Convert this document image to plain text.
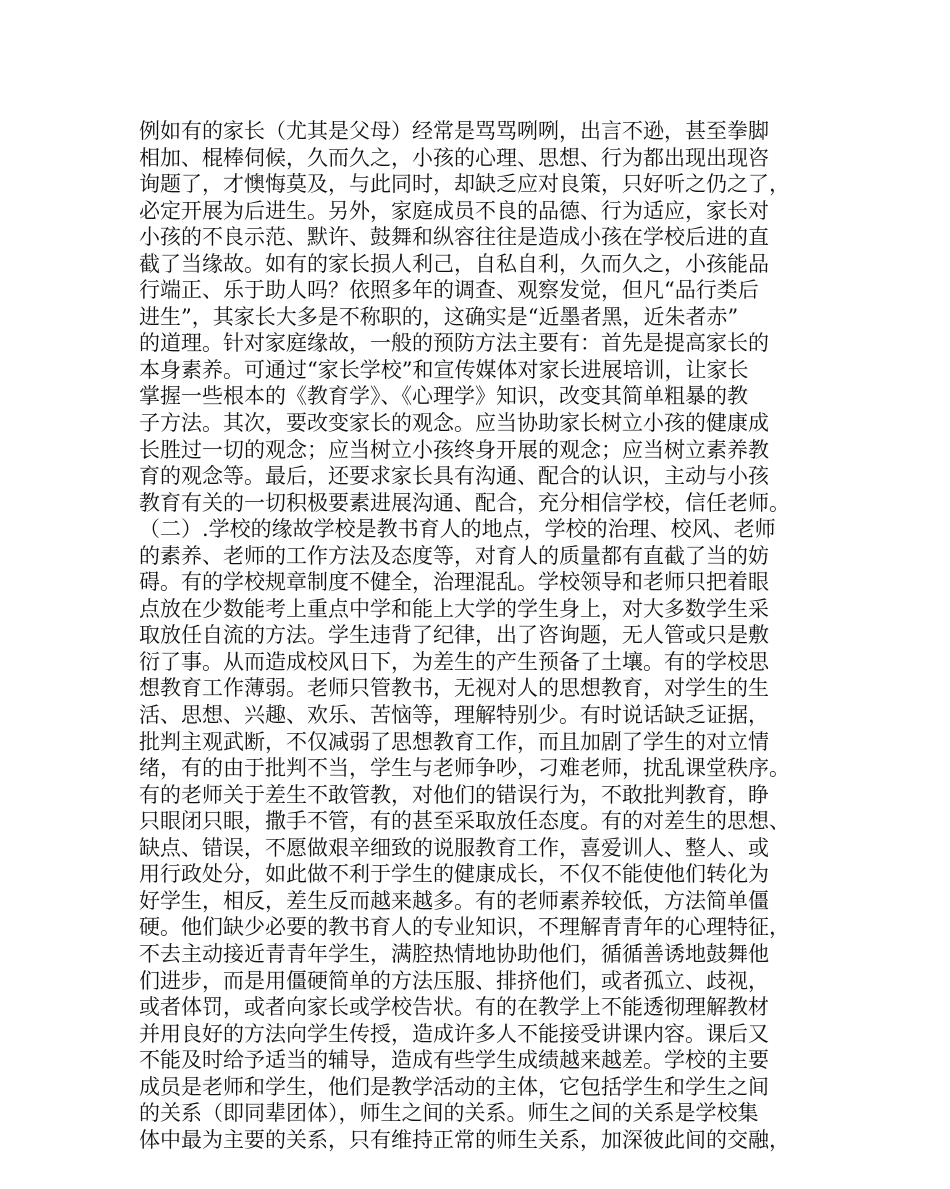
例如有的家长（尤其是父母）经常是骂骂咧咧，出言不逊，甚至拳脚
相加、棍棒伺候，久而久之，小孩的心理、思想、行为都出现出现咨
询题了，才懊悔莫及，与此同时，却缺乏应对良策，只好听之仍之了，
必定开展为后进生。另外，家庭成员不良的品德、行为适应，家长对
小孩的不良示范、默许、鼓舞和纵容往往是造成小孩在学校后进的直
截了当缘故。如有的家长损人利己，自私自利，久而久之，小孩能品
行端正、乐于助人吗？依照多年的调查、观察发觉，但凡“品行类后
进生”，其家长大多是不称职的，这确实是“近墨者黑，近朱者赤”
的道理。针对家庭缘故，一般的预防方法主要有：首先是提高家长的
本身素养。可通过“家长学校”和宣传媒体对家长进展培训，让家长
掌握一些根本的《教育学》、《心理学》知识，改变其简单粗暴的教
子方法。其次，要改变家长的观念。应当协助家长树立小孩的健康成
长胜过一切的观念；应当树立小孩终身开展的观念；应当树立素养教
育的观念等。最后，还要求家长具有沟通、配合的认识，主动与小孩
教育有关的一切积极要素进展沟通、配合，充分相信学校，信任老师。
（二）.学校的缘故学校是教书育人的地点，学校的治理、校风、老师
的素养、老师的工作方法及态度等，对育人的质量都有直截了当的妨
碍。有的学校规章制度不健全，治理混乱。学校领导和老师只把着眼
点放在少数能考上重点中学和能上大学的学生身上，对大多数学生采
取放任自流的方法。学生违背了纪律，出了咨询题，无人管或只是敷
衍了事。从而造成校风日下，为差生的产生预备了土壤。有的学校思
想教育工作薄弱。老师只管教书，无视对人的思想教育，对学生的生
活、思想、兴趣、欢乐、苦恼等，理解特别少。有时说话缺乏证据，
批判主观武断，不仅减弱了思想教育工作，而且加剧了学生的对立情
绪，有的由于批判不当，学生与老师争吵，刁难老师，扰乱课堂秩序。
有的老师关于差生不敢管教，对他们的错误行为，不敢批判教育，睁
只眼闭只眼，撒手不管，有的甚至采取放任态度。有的对差生的思想、
缺点、错误，不愿做艰辛细致的说服教育工作，喜爱训人、整人、或
用行政处分，如此做不利于学生的健康成长，不仅不能使他们转化为
好学生，相反，差生反而越来越多。有的老师素养较低，方法简单僵
硬。他们缺少必要的教书育人的专业知识，不理解青青年的心理特征，
不去主动接近青青年学生，满腔热情地协助他们，循循善诱地鼓舞他
们进步，而是用僵硬简单的方法压服、排挤他们，或者孤立、歧视，
或者体罚，或者向家长或学校告状。有的在教学上不能透彻理解教材
并用良好的方法向学生传授，造成许多人不能接受讲课内容。课后又
不能及时给予适当的辅导，造成有些学生成绩越来越差。学校的主要
成员是老师和学生，他们是教学活动的主体，它包括学生和学生之间
的关系（即同辈团体），师生之间的关系。师生之间的关系是学校集
体中最为主要的关系，只有维持正常的师生关系，加深彼此间的交融，
